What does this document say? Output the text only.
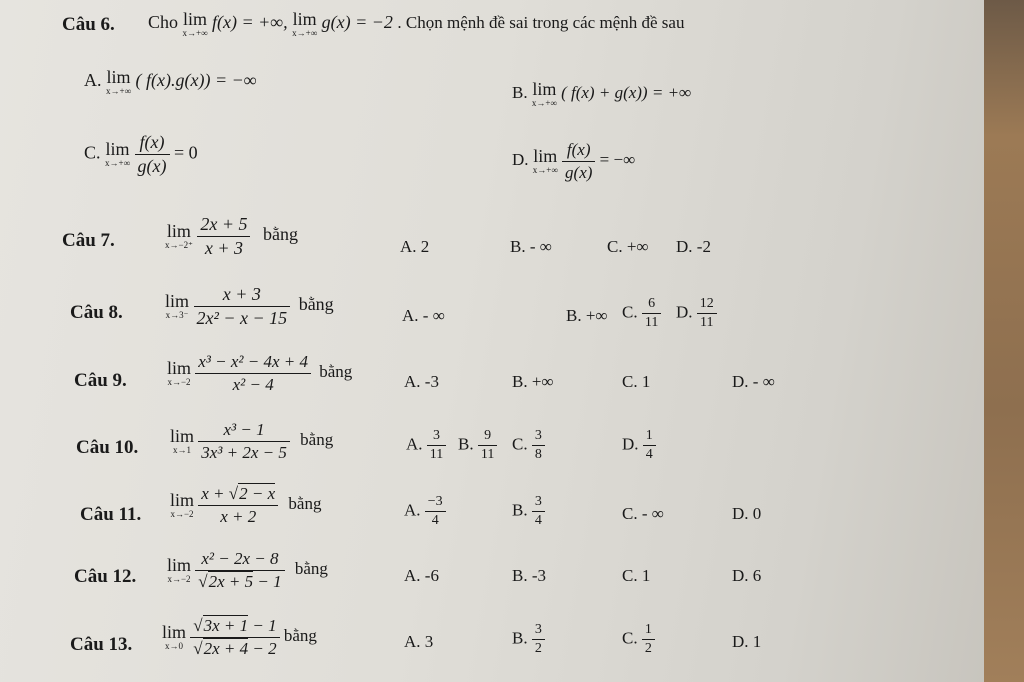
Câu 6. Cho lim
x→+∞
f(x) = +∞, lim
x→+∞
g(x) = −2 . Chọn mệnh đề sai trong các mệnh đề sau
A. lim
x→+∞
( f(x).g(x)) = −∞
B. lim
x→+∞
( f(x) + g(x)) = +∞
C. lim
x→+∞
$\frac{f(x)}{g(x)} = 0$	D. lim
x→+∞
$\frac{f(x)}{g(x)}$ = −∞
Câu 7.	lim
x→−2⁺
$\frac{2x + 5}{x + 3}$ bằng
A. 2	B. - ∞	C. +∞ D. -2
Câu 8.
lim
x→3⁻
$\frac{x + 3}{\text{2x² − x − 15}}$ bằng
A. - ∞	B. +∞ C. $\frac{6}{11} D$. $\frac{12}{11}$
Câu 9.
lim
x→−2
$\frac{\text{x³ − x² − 4x + 4}}{\text{x² − 4}}$ bằng
A. -3	B. +∞	C. 1	D. - ∞
Câu 10.
lim
x→1
$\frac{\text{x³ − 1}}{\text{3x³ + 2x − 5}}$ bằng	A. $\frac{3}{11} B$. $\frac{9}{11} C$. $\frac{3}{8}$	D. $\frac{1}{4}$
Câu 11.
lim
x→−2
$\frac{x + √2 - x}{x + 2}$ bằng	A. $\frac{-3}{4}$	B. $\frac{3}{4}$	C. - ∞	D. 0
Câu 12.
lim
x→−2
$\frac{\text{x² − 2x − 8}}{√2x + 5 - 1}$ bằng	A. -6	B. -3	C. 1	D. 6
Câu 13.
lim
x→0
$\frac{√3x + 1 - 1}{√2x + 4 - 2}$ bằng	A. 3	B. $\frac{3}{2}$	C. $\frac{1}{2}$	D. 1
